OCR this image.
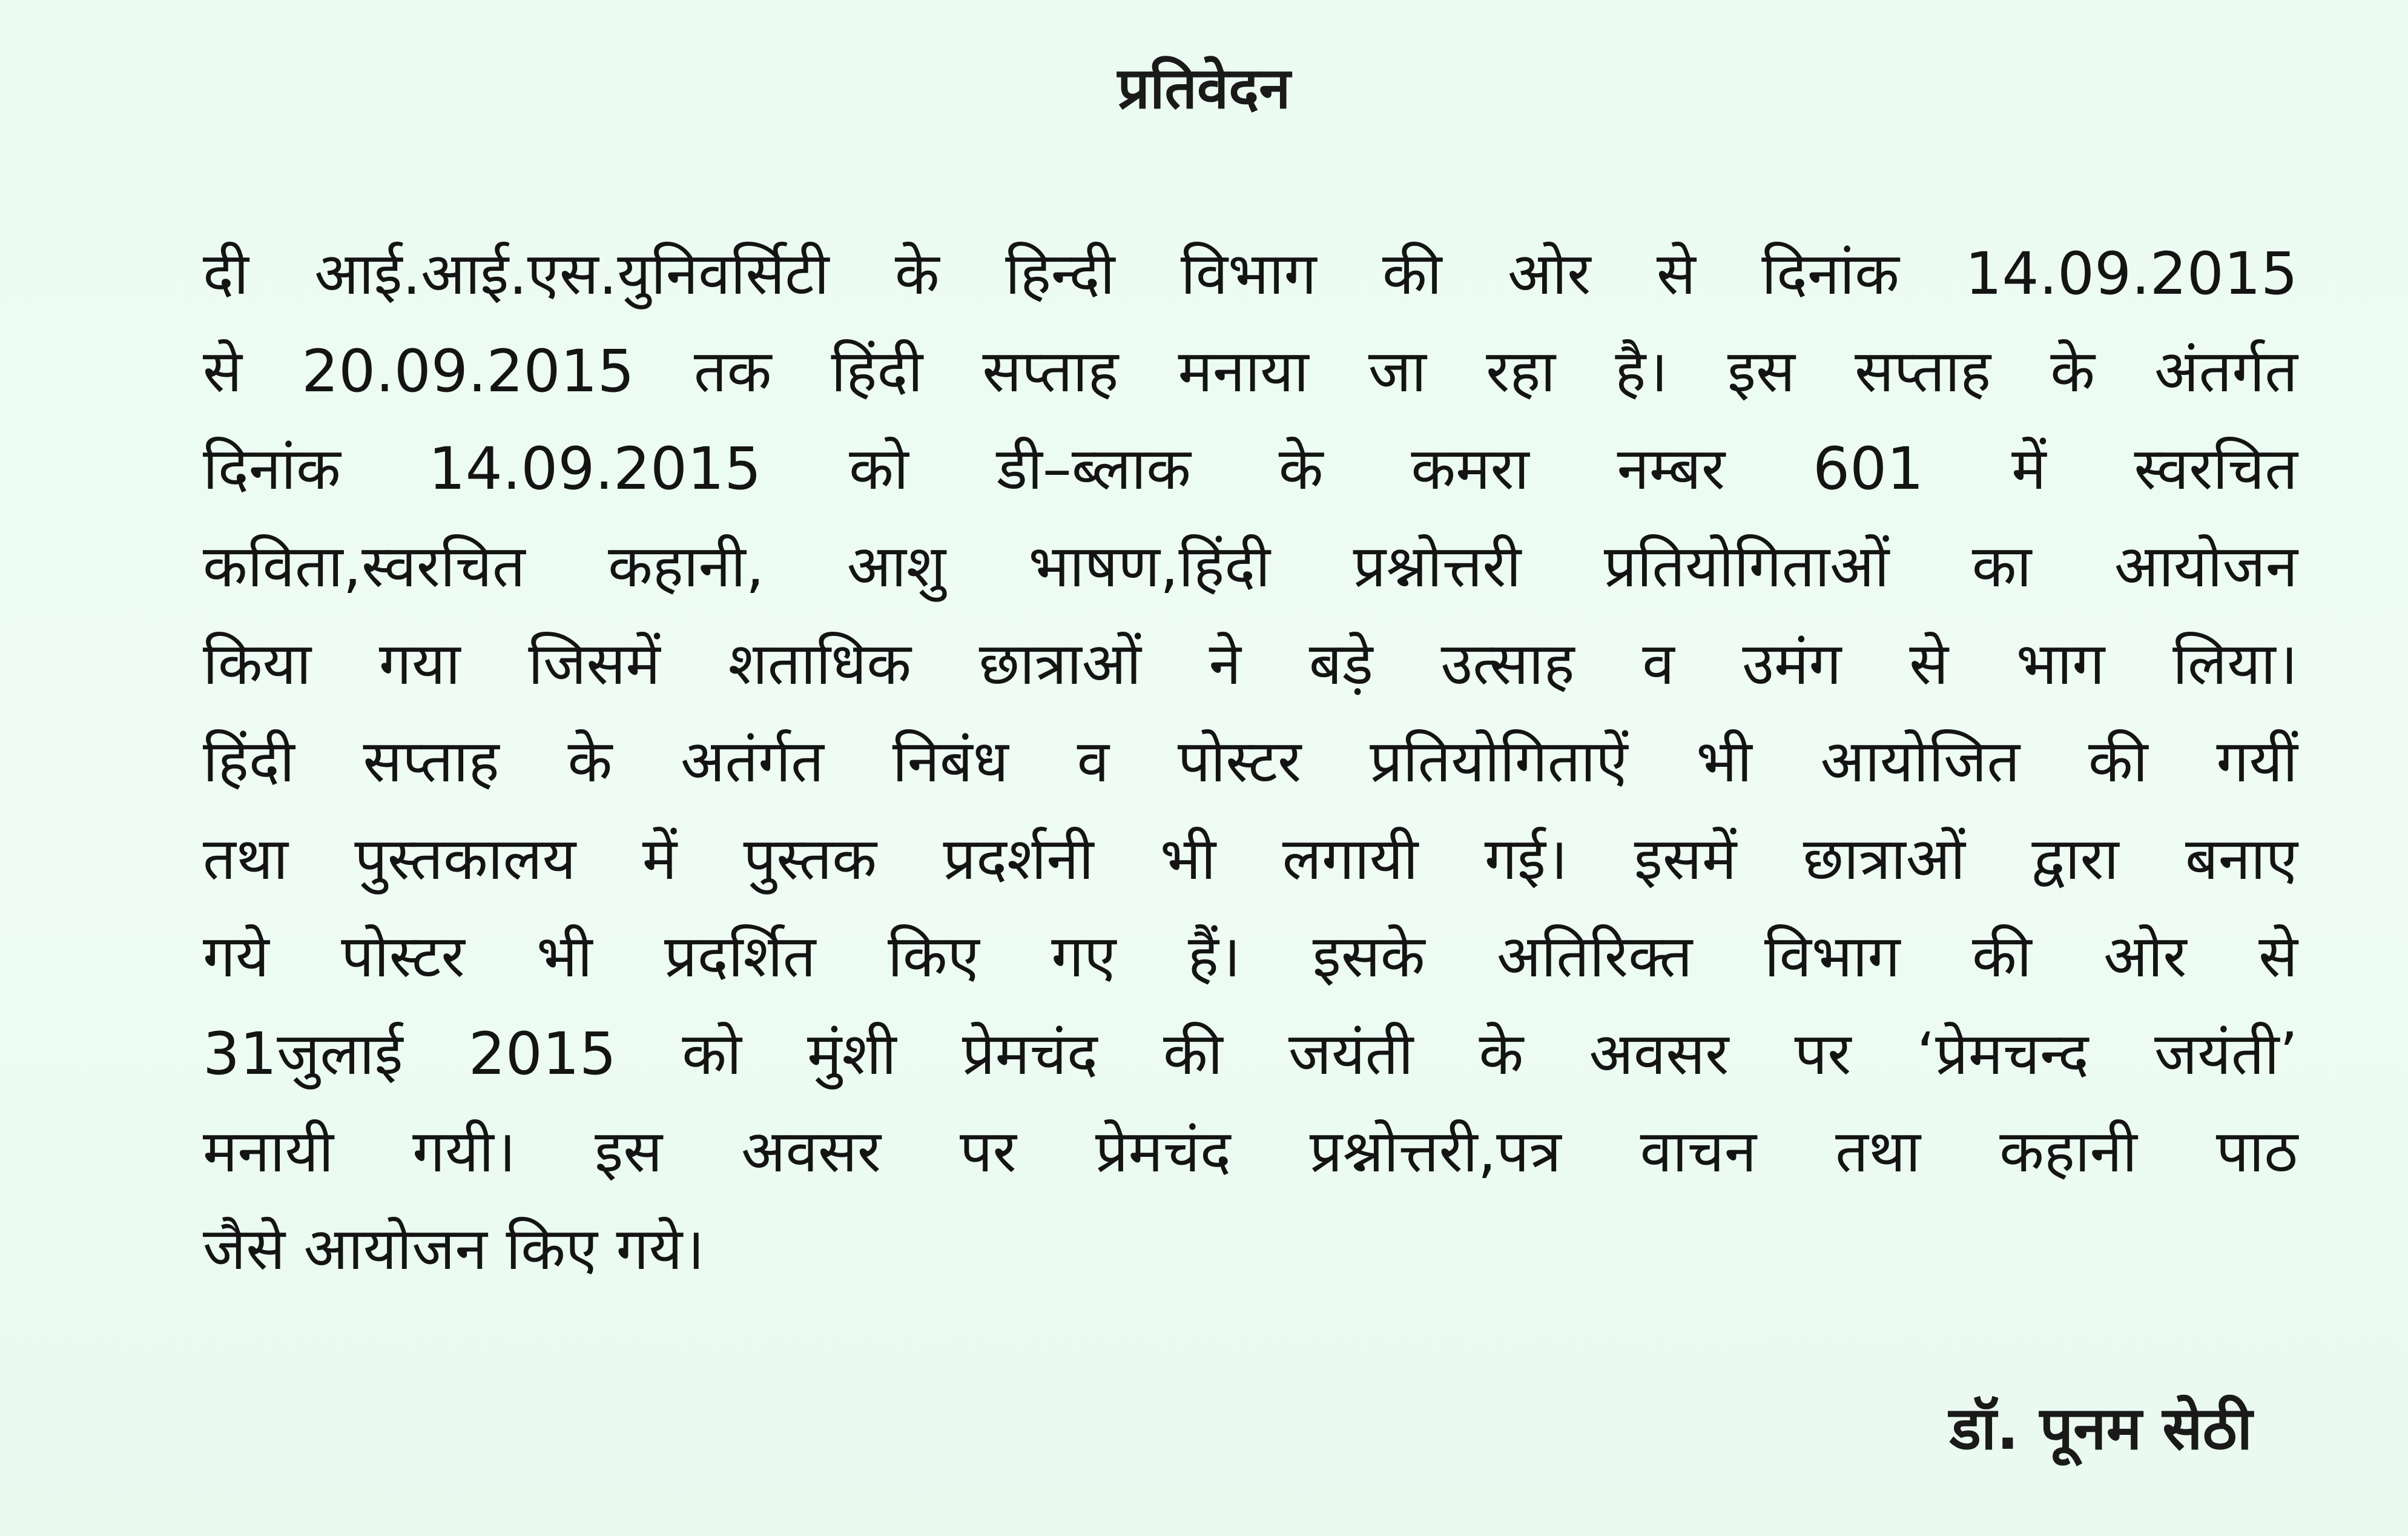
प्रतिवेदन
दी आई.आई.एस.युनिवर्सिटी के हिन्दी विभाग की ओर से दिनांक 14.09.2015
से 20.09.2015 तक हिंदी सप्ताह मनाया जा रहा है। इस सप्ताह के अंतर्गत
दिनांक 14.09.2015 को डी–ब्लाक के कमरा नम्बर 601 में स्वरचित
कविता,स्वरचित कहानी, आशु भाषण,हिंदी प्रश्नोत्तरी प्रतियोगिताओं का आयोजन
किया गया जिसमें शताधिक छात्राओं ने बड़े उत्साह व उमंग से भाग लिया।
हिंदी सप्ताह के अतंर्गत निबंध व पोस्टर प्रतियोगिताऐं भी आयोजित की गयीं
तथा पुस्तकालय में पुस्तक प्रदर्शनी भी लगायी गई। इसमें छात्राओं द्वारा बनाए
गये पोस्टर भी प्रदर्शित किए गए हैं। इसके अतिरिक्त विभाग की ओर से
31जुलाई 2015 को मुंशी प्रेमचंद की जयंती के अवसर पर ‘प्रेमचन्द जयंती’
मनायी गयी। इस अवसर पर प्रेमचंद प्रश्नोत्तरी,पत्र वाचन तथा कहानी पाठ
जैसे आयोजन किए गये।
डॉ. पूनम सेठी
